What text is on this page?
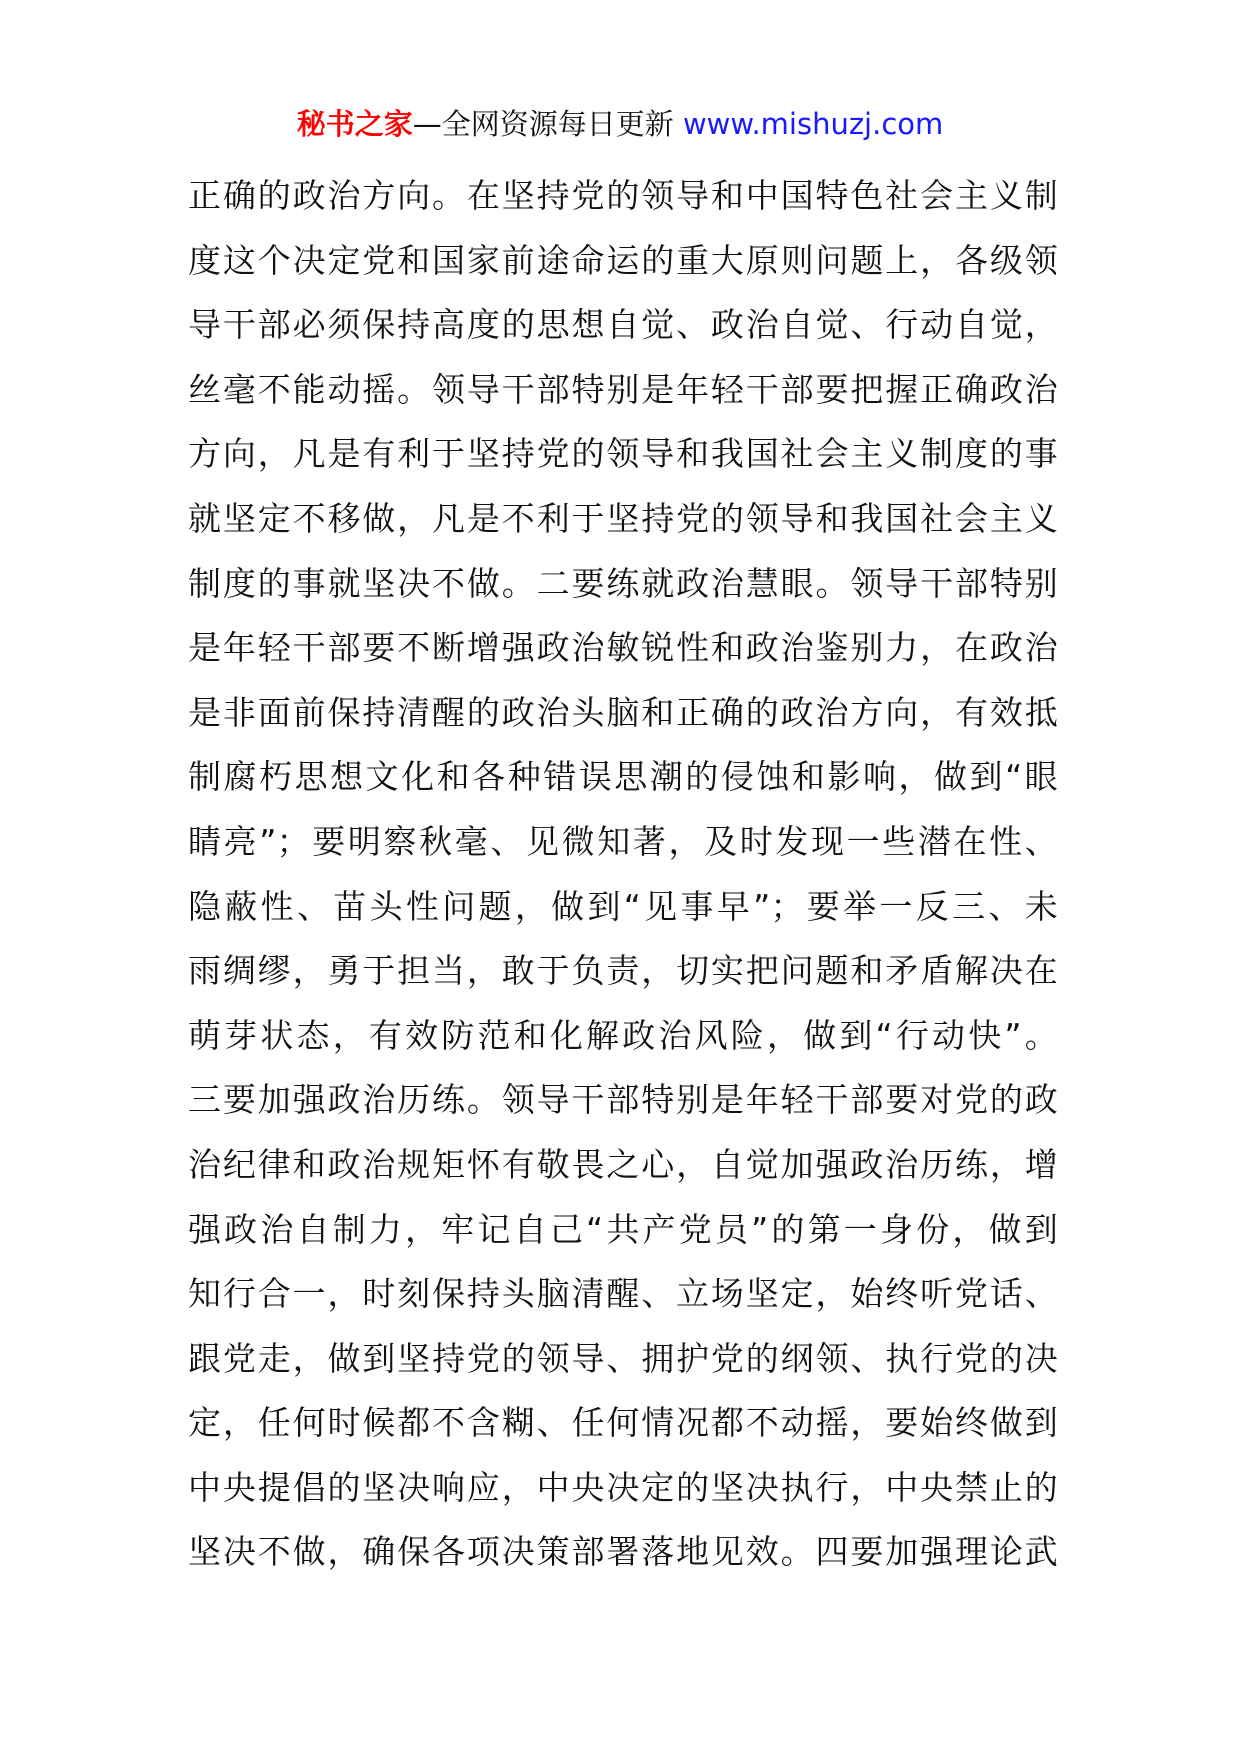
秘书之家—全网资源每日更新 www.mishuzj.com
正确的政治方向。在坚持党的领导和中国特色社会主义制
度这个决定党和国家前途命运的重大原则问题上，各级领
导干部必须保持高度的思想自觉、政治自觉、行动自觉，
丝毫不能动摇。领导干部特别是年轻干部要把握正确政治
方向，凡是有利于坚持党的领导和我国社会主义制度的事
就坚定不移做，凡是不利于坚持党的领导和我国社会主义
制度的事就坚决不做。二要练就政治慧眼。领导干部特别
是年轻干部要不断增强政治敏锐性和政治鉴别力，在政治
是非面前保持清醒的政治头脑和正确的政治方向，有效抵
制腐朽思想文化和各种错误思潮的侵蚀和影响，做到“眼
睛亮”；要明察秋毫、见微知著，及时发现一些潜在性、
隐蔽性、苗头性问题，做到“见事早”；要举一反三、未
雨绸缪，勇于担当，敢于负责，切实把问题和矛盾解决在
萌芽状态，有效防范和化解政治风险，做到“行动快”。
三要加强政治历练。领导干部特别是年轻干部要对党的政
治纪律和政治规矩怀有敬畏之心，自觉加强政治历练，增
强政治自制力，牢记自己“共产党员”的第一身份，做到
知行合一，时刻保持头脑清醒、立场坚定，始终听党话、
跟党走，做到坚持党的领导、拥护党的纲领、执行党的决
定，任何时候都不含糊、任何情况都不动摇，要始终做到
中央提倡的坚决响应，中央决定的坚决执行，中央禁止的
坚决不做，确保各项决策部署落地见效。四要加强理论武
